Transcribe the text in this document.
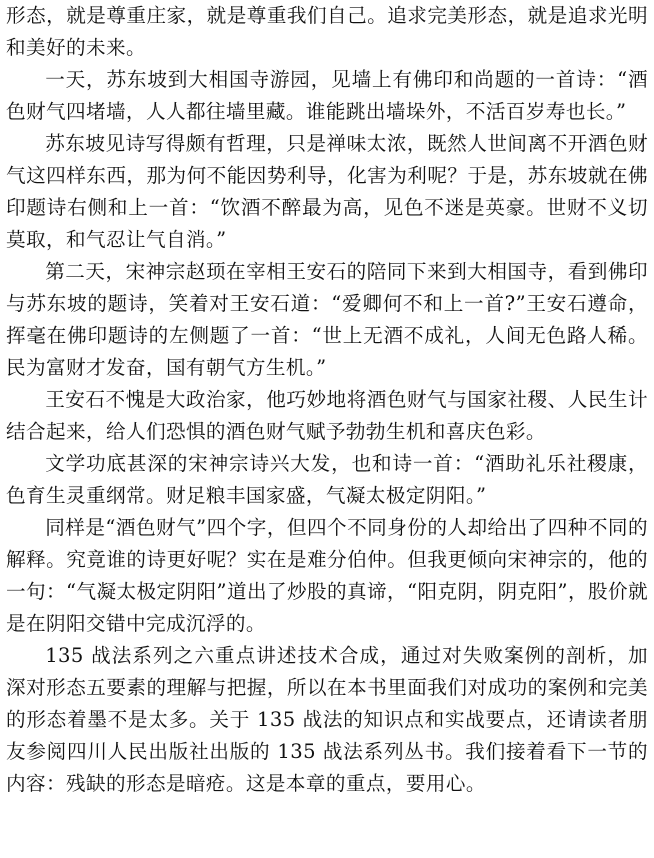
形态，就是尊重庄家，就是尊重我们自己。追求完美形态，就是追求光明和美好的未来。

一天，苏东坡到大相国寺游园，见墙上有佛印和尚题的一首诗：“酒色财气四堵墙，人人都往墙里藏。谁能跳出墙垛外，不活百岁寿也长。”

苏东坡见诗写得颇有哲理，只是禅味太浓，既然人世间离不开酒色财气这四样东西，那为何不能因势利导，化害为利呢？于是，苏东坡就在佛印题诗右侧和上一首：“饮酒不醉最为高，见色不迷是英豪。世财不义切莫取，和气忍让气自消。”

第二天，宋神宗赵顼在宰相王安石的陪同下来到大相国寺，看到佛印与苏东坡的题诗，笑着对王安石道：“爱卿何不和上一首?”王安石遵命，挥毫在佛印题诗的左侧题了一首：“世上无酒不成礼，人间无色路人稀。民为富财才发奋，国有朝气方生机。”

王安石不愧是大政治家，他巧妙地将酒色财气与国家社稷、人民生计结合起来，给人们恐惧的酒色财气赋予勃勃生机和喜庆色彩。

文学功底甚深的宋神宗诗兴大发，也和诗一首：“酒助礼乐社稷康，色育生灵重纲常。财足粮丰国家盛，气凝太极定阴阳。”

同样是“酒色财气”四个字，但四个不同身份的人却给出了四种不同的解释。究竟谁的诗更好呢？实在是难分伯仲。但我更倾向宋神宗的，他的一句：“气凝太极定阴阳”道出了炒股的真谛，“阳克阴，阴克阳”，股价就是在阴阳交错中完成沉浮的。

135 战法系列之六重点讲述技术合成，通过对失败案例的剖析，加深对形态五要素的理解与把握，所以在本书里面我们对成功的案例和完美的形态着墨不是太多。关于 135 战法的知识点和实战要点，还请读者朋友参阅四川人民出版社出版的 135 战法系列丛书。我们接着看下一节的内容：残缺的形态是暗疮。这是本章的重点，要用心。
